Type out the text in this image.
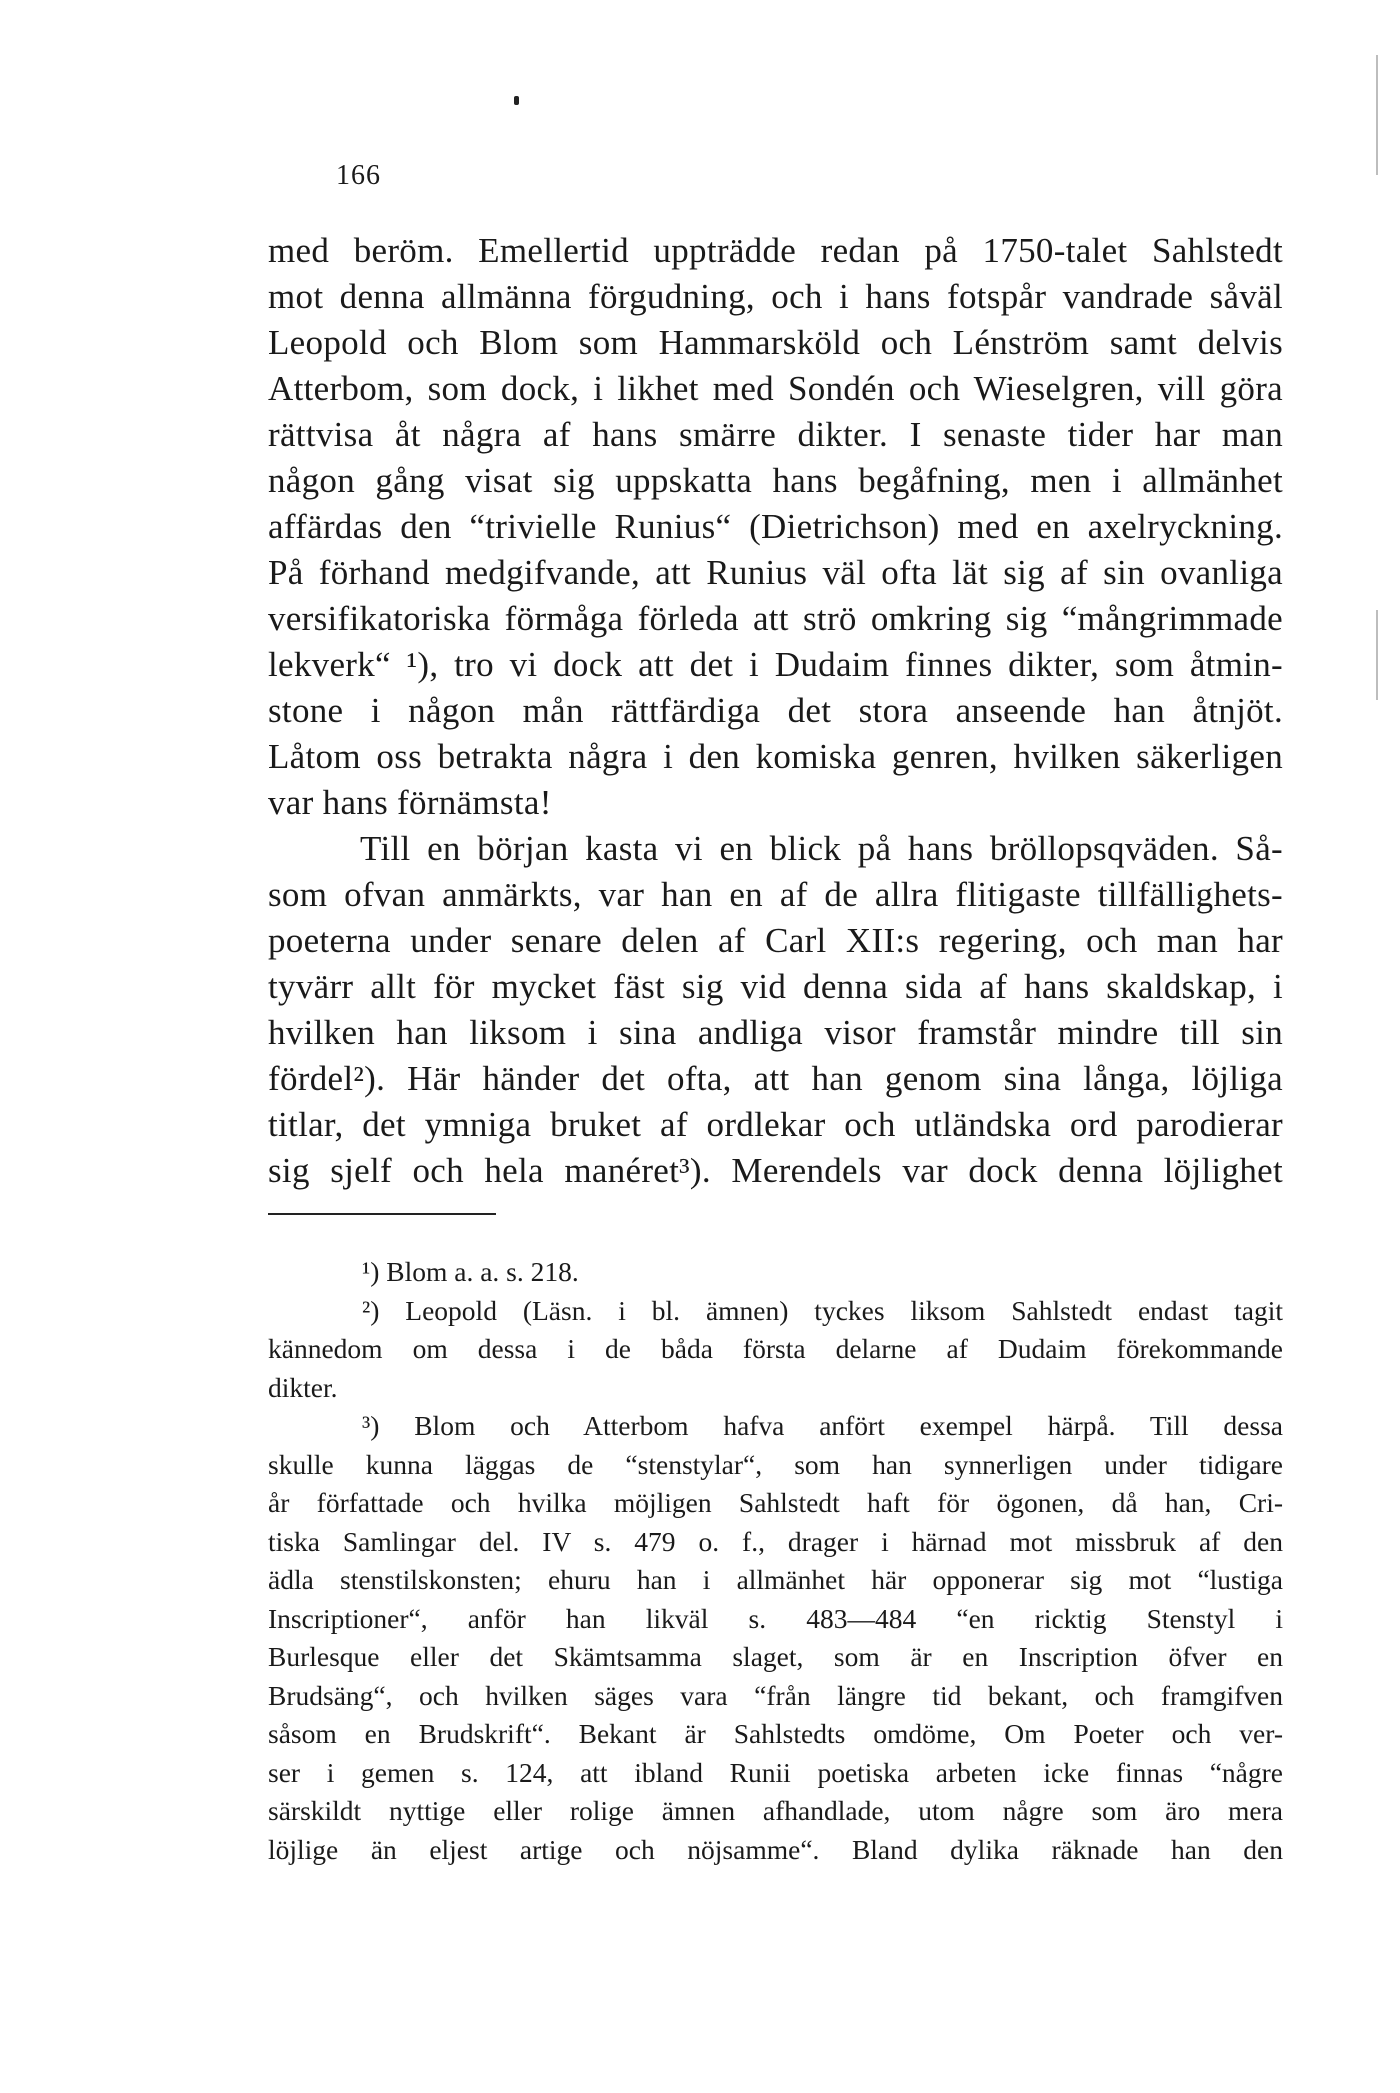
166
med beröm. Emellertid uppträdde redan på 1750-talet Sahlstedt
mot denna allmänna förgudning, och i hans fotspår vandrade såväl
Leopold och Blom som Hammarsköld och Lénström samt delvis
Atterbom, som dock, i likhet med Sondén och Wieselgren, vill göra
rättvisa åt några af hans smärre dikter. I senaste tider har man
någon gång visat sig uppskatta hans begåfning, men i allmänhet
affärdas den “trivielle Runius“ (Dietrichson) med en axelryckning.
På förhand medgifvande, att Runius väl ofta lät sig af sin ovanliga
versifikatoriska förmåga förleda att strö omkring sig “mångrimmade
lekverk“ ¹), tro vi dock att det i Dudaim finnes dikter, som åtmin-
stone i någon mån rättfärdiga det stora anseende han åtnjöt.
Låtom oss betrakta några i den komiska genren, hvilken säkerligen
var hans förnämsta!
Till en början kasta vi en blick på hans bröllopsqväden. Så-
som ofvan anmärkts, var han en af de allra flitigaste tillfällighets-
poeterna under senare delen af Carl XII:s regering, och man har
tyvärr allt för mycket fäst sig vid denna sida af hans skaldskap, i
hvilken han liksom i sina andliga visor framstår mindre till sin
fördel²). Här händer det ofta, att han genom sina långa, löjliga
titlar, det ymniga bruket af ordlekar och utländska ord parodierar
sig sjelf och hela manéret³). Merendels var dock denna löjlighet
¹) Blom a. a. s. 218.
²) Leopold (Läsn. i bl. ämnen) tyckes liksom Sahlstedt endast tagit
kännedom om dessa i de båda första delarne af Dudaim förekommande
dikter.
³) Blom och Atterbom hafva anfört exempel härpå. Till dessa
skulle kunna läggas de “stenstylar“, som han synnerligen under tidigare
år författade och hvilka möjligen Sahlstedt haft för ögonen, då han, Cri-
tiska Samlingar del. IV s. 479 o. f., drager i härnad mot missbruk af den
ädla stenstilskonsten; ehuru han i allmänhet här opponerar sig mot “lustiga
Inscriptioner“, anför han likväl s. 483—484 “en ricktig Stenstyl i
Burlesque eller det Skämtsamma slaget, som är en Inscription öfver en
Brudsäng“, och hvilken säges vara “från längre tid bekant, och framgifven
såsom en Brudskrift“. Bekant är Sahlstedts omdöme, Om Poeter och ver-
ser i gemen s. 124, att ibland Runii poetiska arbeten icke finnas “någre
särskildt nyttige eller rolige ämnen afhandlade, utom någre som äro mera
löjlige än eljest artige och nöjsamme“. Bland dylika räknade han den
